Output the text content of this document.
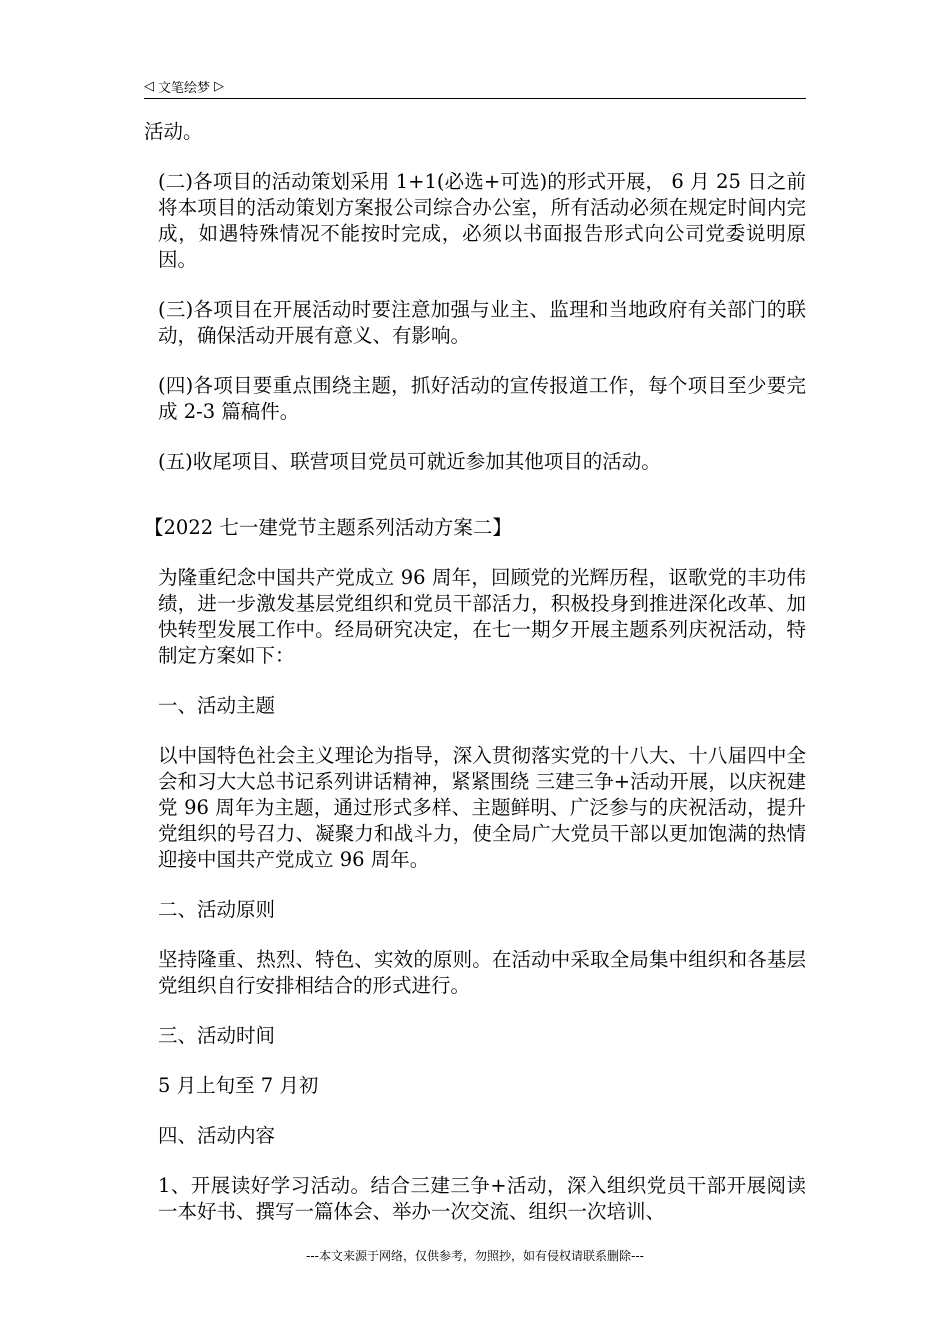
◁ 文笔绘梦 ▷

活动。

(二)各项目的活动策划采用 1+1(必选+可选)的形式开展， 6 月 25 日之前将本项目的活动策划方案报公司综合办公室，所有活动必须在规定时间内完成，如遇特殊情况不能按时完成，必须以书面报告形式向公司党委说明原因。

(三)各项目在开展活动时要注意加强与业主、监理和当地政府有关部门的联动，确保活动开展有意义、有影响。

(四)各项目要重点围绕主题，抓好活动的宣传报道工作，每个项目至少要完成 2-3 篇稿件。

(五)收尾项目、联营项目党员可就近参加其他项目的活动。

【2022 七一建党节主题系列活动方案二】

为隆重纪念中国共产党成立 96 周年，回顾党的光辉历程，讴歌党的丰功伟绩，进一步激发基层党组织和党员干部活力，积极投身到推进深化改革、加快转型发展工作中。经局研究决定，在七一期夕开展主题系列庆祝活动，特制定方案如下：

一、活动主题

以中国特色社会主义理论为指导，深入贯彻落实党的十八大、十八届四中全会和习大大总书记系列讲话精神，紧紧围绕 三建三争+活动开展，以庆祝建党 96 周年为主题，通过形式多样、主题鲜明、广泛参与的庆祝活动，提升党组织的号召力、凝聚力和战斗力，使全局广大党员干部以更加饱满的热情迎接中国共产党成立 96 周年。

二、活动原则

坚持隆重、热烈、特色、实效的原则。在活动中采取全局集中组织和各基层党组织自行安排相结合的形式进行。

三、活动时间

5 月上旬至 7 月初

四、活动内容

1、开展读好学习活动。结合三建三争+活动，深入组织党员干部开展阅读一本好书、撰写一篇体会、举办一次交流、组织一次培训、

---本文来源于网络，仅供参考，勿照抄，如有侵权请联系删除---
